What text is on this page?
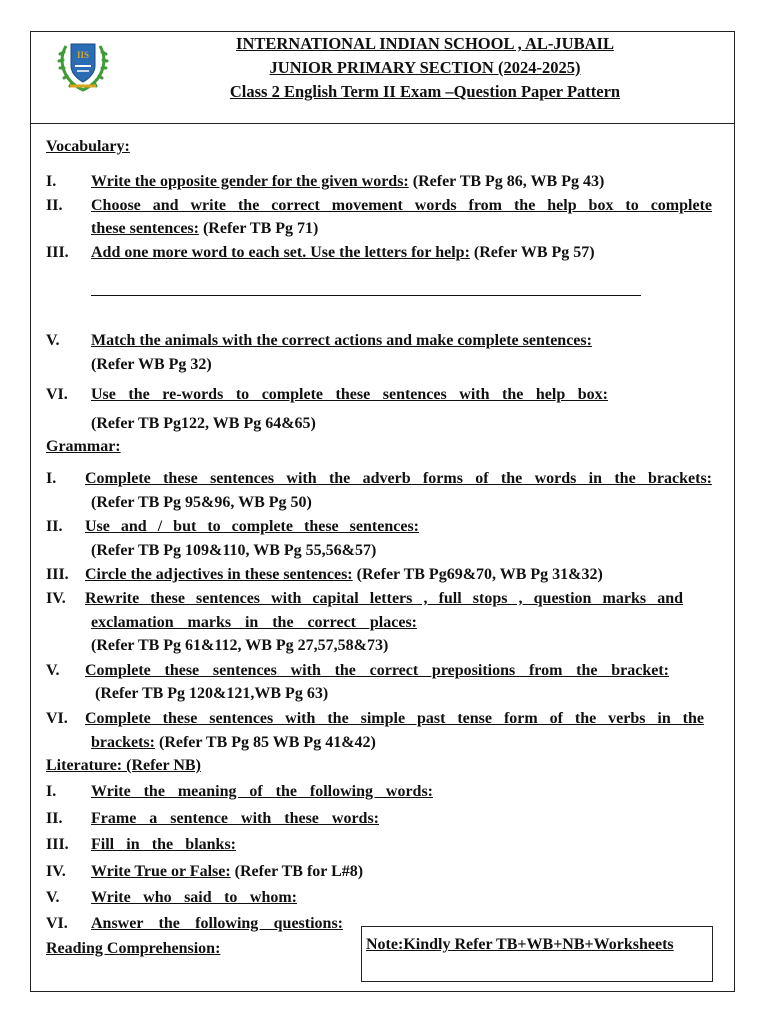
IIS
INTERNATIONAL INDIAN SCHOOL , AL-JUBAIL
JUNIOR PRIMARY SECTION (2024-2025)
Class 2 English Term II Exam –Question Paper Pattern
Vocabulary:
I. Write the opposite gender for the given words: (Refer TB Pg 86, WB Pg 43)
II. Choose and write the correct movement words from the help box to complete
these sentences: (Refer TB Pg 71)
III. Add one more word to each set. Use the letters for help: (Refer WB Pg 57)
V. Match the animals with the correct actions and make complete sentences:
(Refer WB Pg 32)
VI. Use the re-words to complete these sentences with the help box:
(Refer TB Pg122, WB Pg 64&65)
Grammar:
I. Complete these sentences with the adverb forms of the words in the brackets:
(Refer TB Pg 95&96, WB Pg 50)
II. Use and / but to complete these sentences:
(Refer TB Pg 109&110, WB Pg 55,56&57)
III. Circle the adjectives in these sentences: (Refer TB Pg69&70, WB Pg 31&32)
IV. Rewrite these sentences with capital letters , full stops , question marks and
exclamation marks in the correct places:
(Refer TB Pg 61&112, WB Pg 27,57,58&73)
V. Complete these sentences with the correct prepositions from the bracket:
(Refer TB Pg 120&121,WB Pg 63)
VI. Complete these sentences with the simple past tense form of the verbs in the
brackets: (Refer TB Pg 85 WB Pg 41&42)
Literature: (Refer NB)
I. Write the meaning of the following words:
II. Frame a sentence with these words:
III. Fill in the blanks:
IV. Write True or False: (Refer TB for L#8)
V. Write who said to whom:
VI. Answer the following questions:
Reading Comprehension:	Note:Kindly Refer TB+WB+NB+Worksheets
